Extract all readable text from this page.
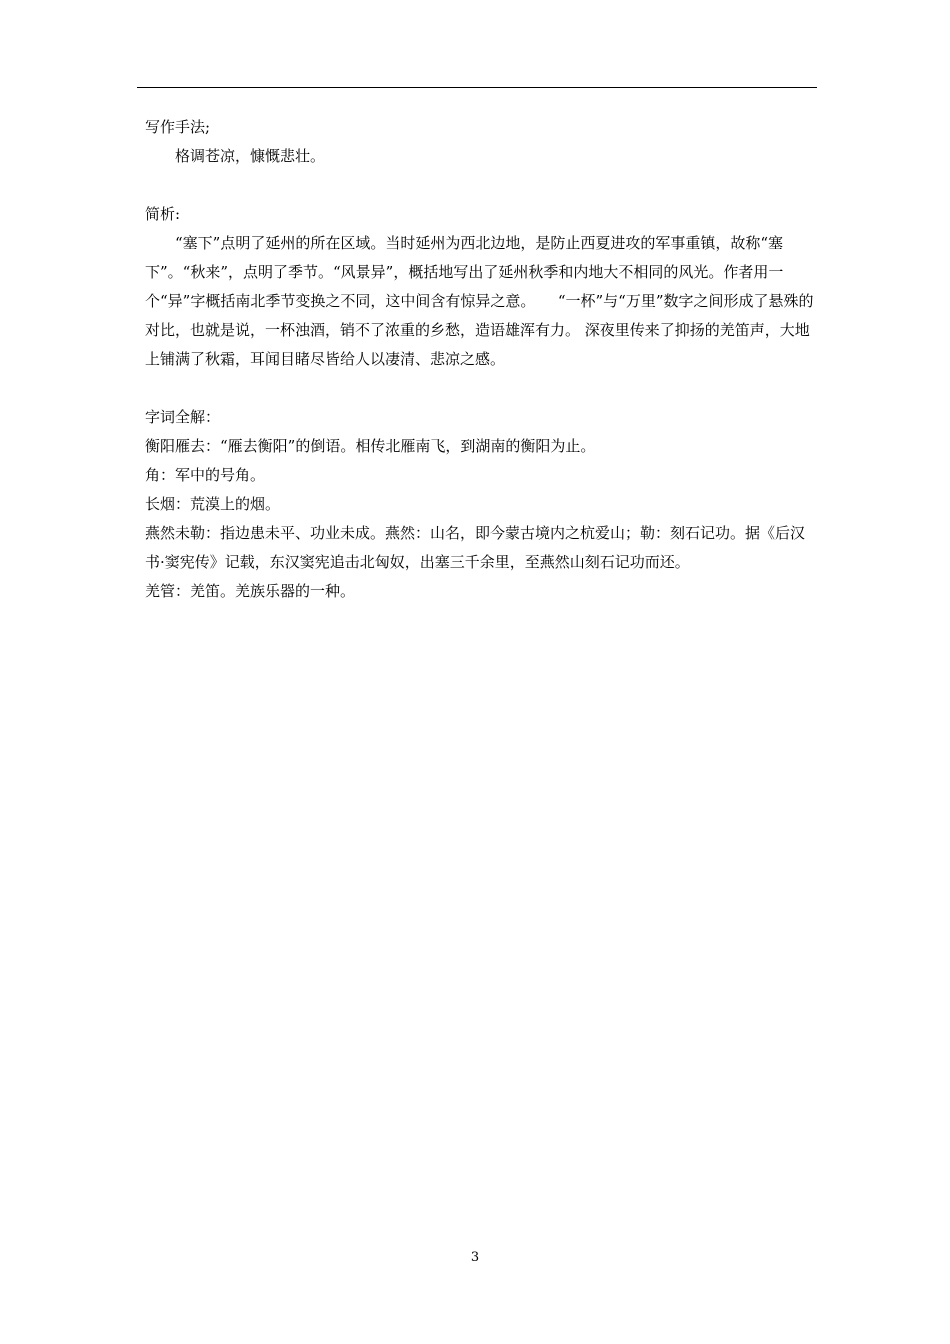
写作手法;

格调苍凉，慷慨悲壮。

简析:

“塞下”点明了延州的所在区域。当时延州为西北边地，是防止西夏进攻的军事重镇，故称“塞下”。“秋来”，点明了季节。“风景异”，概括地写出了延州秋季和内地大不相同的风光。作者用一个“异”字概括南北季节变换之不同，这中间含有惊异之意。　　“一杯”与“万里”数字之间形成了悬殊的对比，也就是说，一杯浊酒，销不了浓重的乡愁，造语雄浑有力。 深夜里传来了抑扬的羌笛声，大地上铺满了秋霜，耳闻目睹尽皆给人以凄清、悲凉之感。

字词全解：

衡阳雁去：“雁去衡阳”的倒语。相传北雁南飞，到湖南的衡阳为止。

角：军中的号角。

长烟：荒漠上的烟。

燕然未勒：指边患未平、功业未成。燕然：山名，即今蒙古境内之杭爱山；勒：刻石记功。据《后汉书·窦宪传》记载，东汉窦宪追击北匈奴，出塞三千余里，至燕然山刻石记功而还。

羌管：羌笛。羌族乐器的一种。

3
